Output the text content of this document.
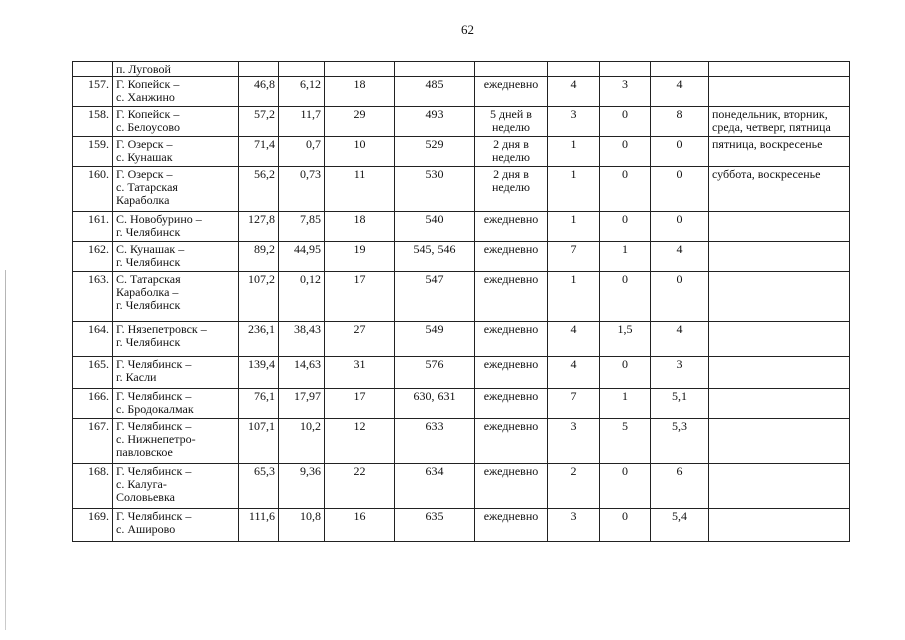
62
	п. Луговой									
157.	Г. Копейск –
с. Ханжино	46,8	6,12	18	485	ежедневно	4	3	4	
158.	Г. Копейск –
с. Белоусово	57,2	11,7	29	493	5 дней в
неделю	3	0	8	понедельник, вторник,
среда, четверг, пятница
159.	Г. Озерск –
с. Кунашак	71,4	0,7	10	529	2 дня в
неделю	1	0	0	пятница, воскресенье
160.	Г. Озерск –
с. Татарская
Караболка	56,2	0,73	11	530	2 дня в
неделю	1	0	0	суббота, воскресенье
161.	С. Новобурино –
г. Челябинск	127,8	7,85	18	540	ежедневно	1	0	0	
162.	С. Кунашак –
г. Челябинск	89,2	44,95	19	545, 546	ежедневно	7	1	4	
163.	С. Татарская
Караболка –
г. Челябинск	107,2	0,12	17	547	ежедневно	1	0	0	
164.	Г. Нязепетровск –
г. Челябинск	236,1	38,43	27	549	ежедневно	4	1,5	4	
165.	Г. Челябинск –
г. Касли	139,4	14,63	31	576	ежедневно	4	0	3	
166.	Г. Челябинск –
с. Бродокалмак	76,1	17,97	17	630, 631	ежедневно	7	1	5,1	
167.	Г. Челябинск –
с. Нижнепетро-
павловское	107,1	10,2	12	633	ежедневно	3	5	5,3	
168.	Г. Челябинск –
с. Калуга-
Соловьевка	65,3	9,36	22	634	ежедневно	2	0	6	
169.	Г. Челябинск –
с. Аширово	111,6	10,8	16	635	ежедневно	3	0	5,4	
